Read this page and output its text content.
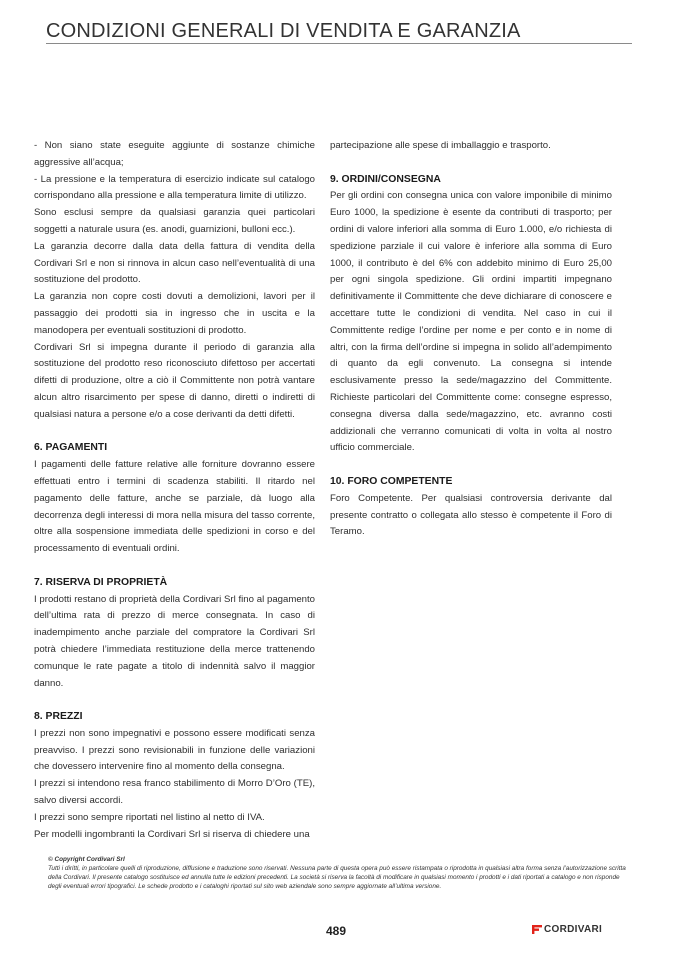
CONDIZIONI GENERALI DI VENDITA E GARANZIA

- Non siano state eseguite aggiunte di sostanze chimiche aggressive all’acqua;

- La pressione e la temperatura di esercizio indicate sul catalogo corrispondano alla pressione e alla temperatura limite di utilizzo.

Sono esclusi sempre da qualsiasi garanzia quei particolari soggetti a naturale usura (es. anodi, guarnizioni, bulloni ecc.).

La garanzia decorre dalla data della fattura di vendita della Cordivari Srl e non si rinnova in alcun caso nell’eventualità di una sostituzione del prodotto.

La garanzia non copre costi dovuti a demolizioni, lavori per il passaggio dei prodotti sia in ingresso che in uscita e la manodopera per eventuali sostituzioni di prodotto.

Cordivari Srl si impegna durante il periodo di garanzia alla sostituzione del prodotto reso riconosciuto difettoso per accertati difetti di produzione, oltre a ciò il Committente non potrà vantare alcun altro risarcimento per spese di danno, diretti o indiretti di qualsiasi natura a persone e/o a cose derivanti da detti difetti.

6. PAGAMENTI

I pagamenti delle fatture relative alle forniture dovranno essere effettuati entro i termini di scadenza stabiliti. Il ritardo nel pagamento delle fatture, anche se parziale, dà luogo alla decorrenza degli interessi di mora nella misura del tasso corrente, oltre alla sospensione immediata delle spedizioni in corso e del processamento di eventuali ordini.

7. RISERVA DI PROPRIETÀ

I prodotti restano di proprietà della Cordivari Srl fino al pagamento dell’ultima rata di prezzo di merce consegnata. In caso di inadempimento anche parziale del compratore la Cordivari Srl potrà chiedere l’immediata restituzione della merce trattenendo comunque le rate pagate a titolo di indennità salvo il maggior danno.

8. PREZZI

I prezzi non sono impegnativi e possono essere modificati senza preavviso. I prezzi sono revisionabili in funzione delle variazioni che dovessero intervenire fino al momento della consegna.

I prezzi si intendono resa franco stabilimento di Morro D’Oro (TE), salvo diversi accordi.

I prezzi sono sempre riportati nel listino al netto di IVA.

Per modelli ingombranti la Cordivari Srl si riserva di chiedere una

partecipazione alle spese di imballaggio e trasporto.

9. ORDINI/CONSEGNA

Per gli ordini con consegna unica con valore imponibile di minimo Euro 1000, la spedizione è esente da contributi di trasporto; per ordini di valore inferiori alla somma di Euro 1.000, e/o richiesta di spedizione parziale il cui valore è inferiore alla somma di Euro 1000, il contributo è del 6% con addebito minimo di Euro 25,00 per ogni singola spedizione. Gli ordini impartiti impegnano definitivamente il Committente che deve dichiarare di conoscere e accettare tutte le condizioni di vendita. Nel caso in cui il Committente redige l’ordine per nome e per conto e in nome di altri, con la firma dell’ordine si impegna in solido all’adempimento di quanto da egli convenuto. La consegna si intende esclusivamente presso la sede/magazzino del Committente. Richieste particolari del Committente come: consegne espresso, consegna diversa dalla sede/magazzino, etc. avranno costi addizionali che verranno comunicati di volta in volta al nostro ufficio commerciale.

10. FORO COMPETENTE

Foro Competente. Per qualsiasi controversia derivante dal presente contratto o collegata allo stesso è competente il Foro di Teramo.

© Copyright Cordivari Srl

Tutti i diritti, in particolare quelli di riproduzione, diffusione e traduzione sono riservati. Nessuna parte di questa opera può essere ristampata o riprodotta in qualsiasi altra forma senza l’autorizzazione scritta della Cordivari. Il presente catalogo sostituisce ed annulla tutte le edizioni precedenti. La società si riserva la facoltà di modificare in qualsiasi momento i prodotti e i dati riportati a catalogo e non risponde degli eventuali errori tipografici. Le schede prodotto e i cataloghi riportati sul sito web aziendale sono sempre aggiornate all’ultima versione.

489	CORDIVARI
